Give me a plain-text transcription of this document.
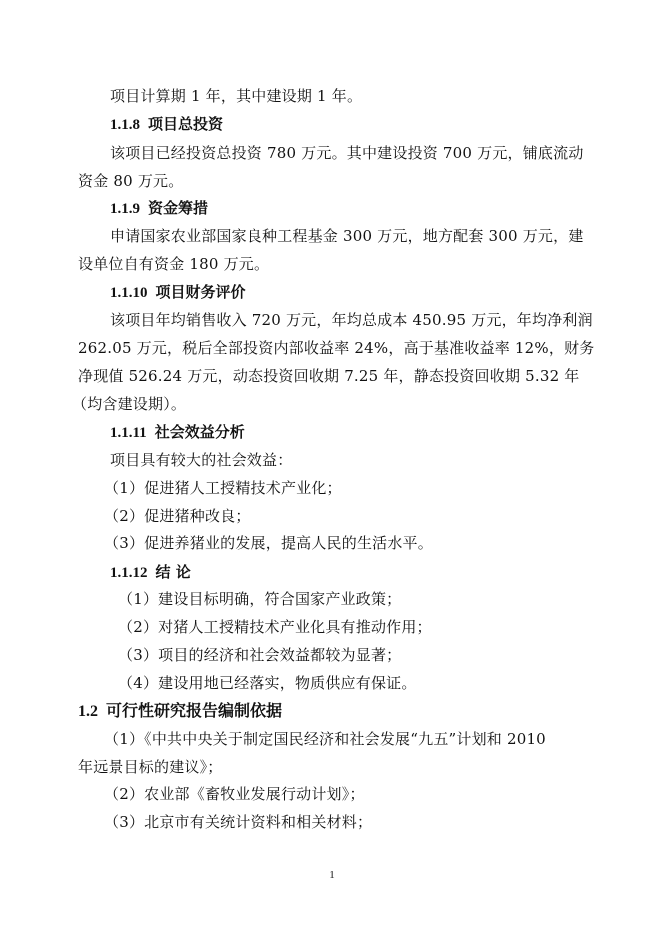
项目计算期 1 年，其中建设期 1 年。
1.1.8 项目总投资
该项目已经投资总投资 780 万元。其中建设投资 700 万元，铺底流动
资金 80 万元。
1.1.9 资金筹措
申请国家农业部国家良种工程基金 300 万元，地方配套 300 万元，建
设单位自有资金 180 万元。
1.1.10 项目财务评价
该项目年均销售收入 720 万元，年均总成本 450.95 万元，年均净利润
262.05 万元，税后全部投资内部收益率 24%，高于基准收益率 12%，财务
净现值 526.24 万元，动态投资回收期 7.25 年，静态投资回收期 5.32 年
（均含建设期）。
1.1.11 社会效益分析
项目具有较大的社会效益：
（1）促进猪人工授精技术产业化；
（2）促进猪种改良；
（3）促进养猪业的发展，提高人民的生活水平。
1.1.12 结 论
（1）建设目标明确，符合国家产业政策；
（2）对猪人工授精技术产业化具有推动作用；
（3）项目的经济和社会效益都较为显著；
（4）建设用地已经落实，物质供应有保证。
1.2 可行性研究报告编制依据
（1）《中共中央关于制定国民经济和社会发展“九五”计划和 2010
年远景目标的建议》；
（2）农业部《畜牧业发展行动计划》；
（3）北京市有关统计资料和相关材料；
1
